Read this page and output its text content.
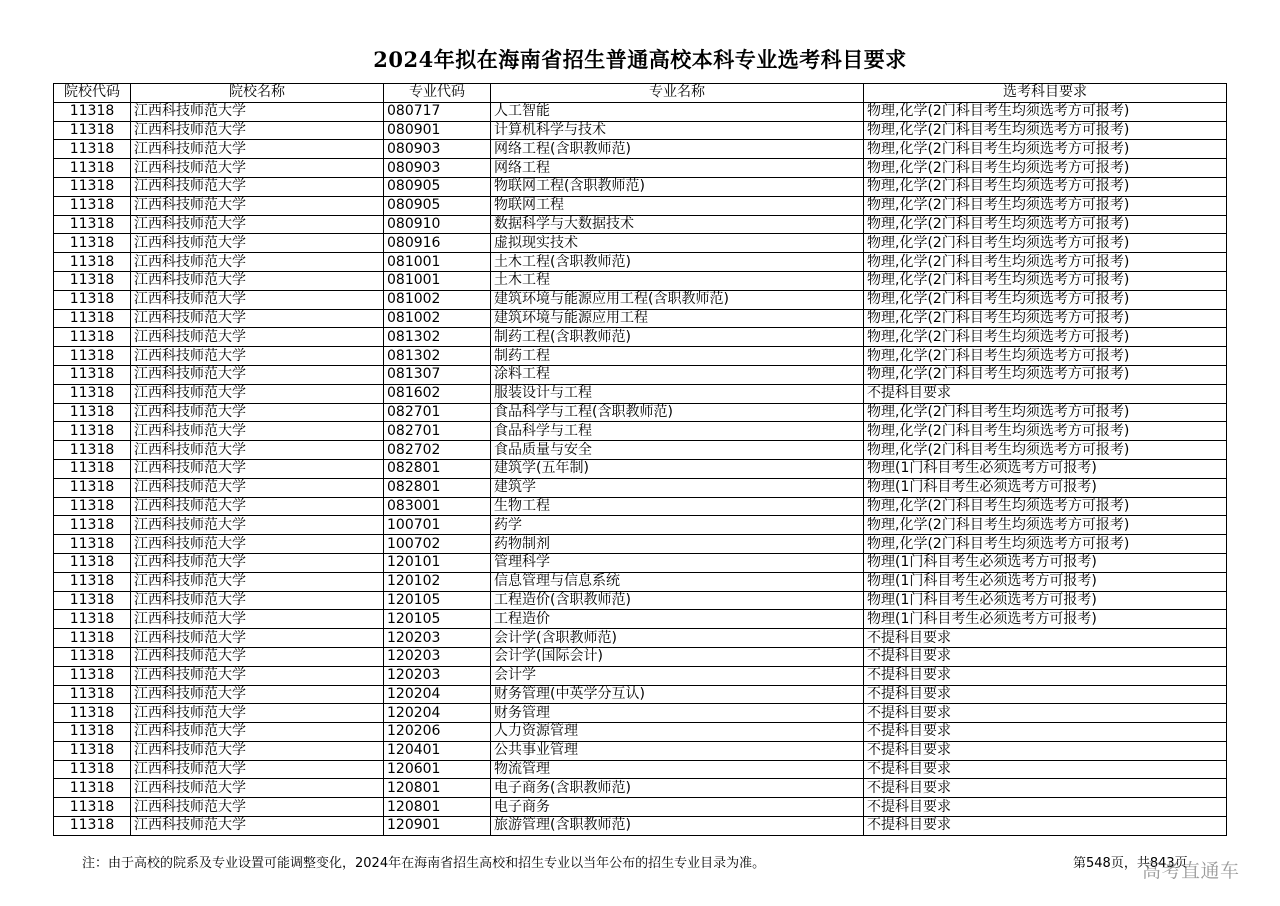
2024年拟在海南省招生普通高校本科专业选考科目要求
院校代码	院校名称	专业代码	专业名称	选考科目要求
11318	江西科技师范大学	080717	人工智能	物理,化学(2门科目考生均须选考方可报考)
11318	江西科技师范大学	080901	计算机科学与技术	物理,化学(2门科目考生均须选考方可报考)
11318	江西科技师范大学	080903	网络工程(含职教师范)	物理,化学(2门科目考生均须选考方可报考)
11318	江西科技师范大学	080903	网络工程	物理,化学(2门科目考生均须选考方可报考)
11318	江西科技师范大学	080905	物联网工程(含职教师范)	物理,化学(2门科目考生均须选考方可报考)
11318	江西科技师范大学	080905	物联网工程	物理,化学(2门科目考生均须选考方可报考)
11318	江西科技师范大学	080910	数据科学与大数据技术	物理,化学(2门科目考生均须选考方可报考)
11318	江西科技师范大学	080916	虚拟现实技术	物理,化学(2门科目考生均须选考方可报考)
11318	江西科技师范大学	081001	土木工程(含职教师范)	物理,化学(2门科目考生均须选考方可报考)
11318	江西科技师范大学	081001	土木工程	物理,化学(2门科目考生均须选考方可报考)
11318	江西科技师范大学	081002	建筑环境与能源应用工程(含职教师范)	物理,化学(2门科目考生均须选考方可报考)
11318	江西科技师范大学	081002	建筑环境与能源应用工程	物理,化学(2门科目考生均须选考方可报考)
11318	江西科技师范大学	081302	制药工程(含职教师范)	物理,化学(2门科目考生均须选考方可报考)
11318	江西科技师范大学	081302	制药工程	物理,化学(2门科目考生均须选考方可报考)
11318	江西科技师范大学	081307	涂料工程	物理,化学(2门科目考生均须选考方可报考)
11318	江西科技师范大学	081602	服装设计与工程	不提科目要求
11318	江西科技师范大学	082701	食品科学与工程(含职教师范)	物理,化学(2门科目考生均须选考方可报考)
11318	江西科技师范大学	082701	食品科学与工程	物理,化学(2门科目考生均须选考方可报考)
11318	江西科技师范大学	082702	食品质量与安全	物理,化学(2门科目考生均须选考方可报考)
11318	江西科技师范大学	082801	建筑学(五年制)	物理(1门科目考生必须选考方可报考)
11318	江西科技师范大学	082801	建筑学	物理(1门科目考生必须选考方可报考)
11318	江西科技师范大学	083001	生物工程	物理,化学(2门科目考生均须选考方可报考)
11318	江西科技师范大学	100701	药学	物理,化学(2门科目考生均须选考方可报考)
11318	江西科技师范大学	100702	药物制剂	物理,化学(2门科目考生均须选考方可报考)
11318	江西科技师范大学	120101	管理科学	物理(1门科目考生必须选考方可报考)
11318	江西科技师范大学	120102	信息管理与信息系统	物理(1门科目考生必须选考方可报考)
11318	江西科技师范大学	120105	工程造价(含职教师范)	物理(1门科目考生必须选考方可报考)
11318	江西科技师范大学	120105	工程造价	物理(1门科目考生必须选考方可报考)
11318	江西科技师范大学	120203	会计学(含职教师范)	不提科目要求
11318	江西科技师范大学	120203	会计学(国际会计)	不提科目要求
11318	江西科技师范大学	120203	会计学	不提科目要求
11318	江西科技师范大学	120204	财务管理(中英学分互认)	不提科目要求
11318	江西科技师范大学	120204	财务管理	不提科目要求
11318	江西科技师范大学	120206	人力资源管理	不提科目要求
11318	江西科技师范大学	120401	公共事业管理	不提科目要求
11318	江西科技师范大学	120601	物流管理	不提科目要求
11318	江西科技师范大学	120801	电子商务(含职教师范)	不提科目要求
11318	江西科技师范大学	120801	电子商务	不提科目要求
11318	江西科技师范大学	120901	旅游管理(含职教师范)	不提科目要求
注：由于高校的院系及专业设置可能调整变化，2024年在海南省招生高校和招生专业以当年公布的招生专业目录为准。	第548页，共843页
高考直通车
